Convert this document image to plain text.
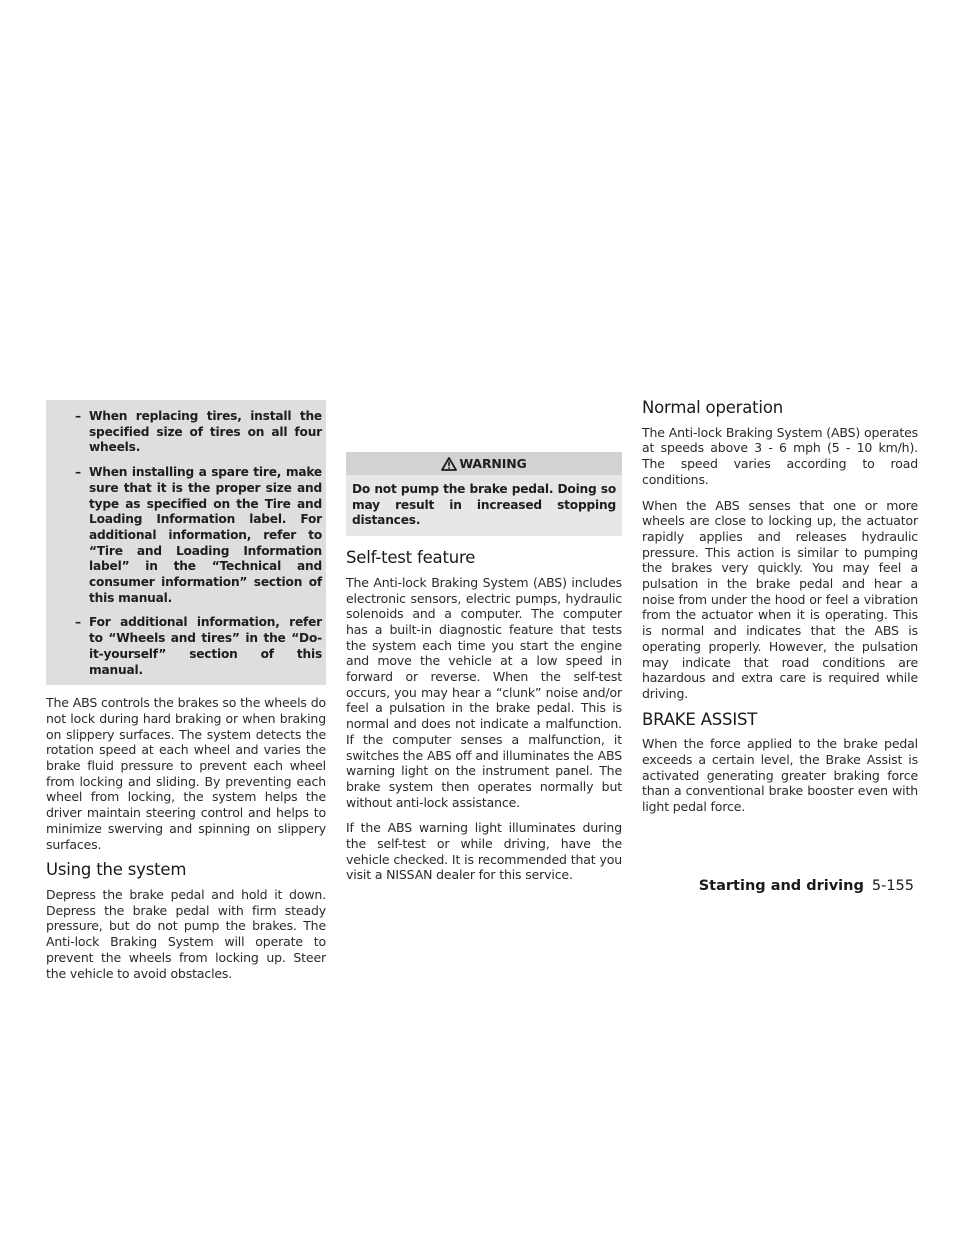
– When replacing tires, install the specified size of tires on all four wheels.
– When installing a spare tire, make sure that it is the proper size and type as specified on the Tire and Loading Information label. For additional information, refer to “Tire and Loading Information label” in the “Technical and consumer information” section of this manual.
– For additional information, refer to “Wheels and tires” in the “Do-it-yourself” section of this manual.

The ABS controls the brakes so the wheels do not lock during hard braking or when braking on slippery surfaces. The system detects the rotation speed at each wheel and varies the brake fluid pressure to prevent each wheel from locking and sliding. By preventing each wheel from locking, the system helps the driver maintain steering control and helps to minimize swerving and spinning on slippery surfaces.

Using the system

Depress the brake pedal and hold it down. Depress the brake pedal with firm steady pressure, but do not pump the brakes. The Anti-lock Braking System will operate to prevent the wheels from locking up. Steer the vehicle to avoid obstacles.

WARNING
Do not pump the brake pedal. Doing so may result in increased stopping distances.
Self-test feature

The Anti-lock Braking System (ABS) includes electronic sensors, electric pumps, hydraulic solenoids and a computer. The computer has a built-in diagnostic feature that tests the system each time you start the engine and move the vehicle at a low speed in forward or reverse. When the self-test occurs, you may hear a “clunk” noise and/or feel a pulsation in the brake pedal. This is normal and does not indicate a malfunction. If the computer senses a malfunction, it switches the ABS off and illuminates the ABS warning light on the instrument panel. The brake system then operates normally but without anti-lock assistance.

If the ABS warning light illuminates during the self-test or while driving, have the vehicle checked. It is recommended that you visit a NISSAN dealer for this service.

Normal operation

The Anti-lock Braking System (ABS) operates at speeds above 3 - 6 mph (5 - 10 km/h). The speed varies according to road conditions.

When the ABS senses that one or more wheels are close to locking up, the actuator rapidly applies and releases hydraulic pressure. This action is similar to pumping the brakes very quickly. You may feel a pulsation in the brake pedal and hear a noise from under the hood or feel a vibration from the actuator when it is operating. This is normal and indicates that the ABS is operating properly. However, the pulsation may indicate that road conditions are hazardous and extra care is required while driving.

BRAKE ASSIST

When the force applied to the brake pedal exceeds a certain level, the Brake Assist is activated generating greater braking force than a conventional brake booster even with light pedal force.

Starting and driving 5-155
